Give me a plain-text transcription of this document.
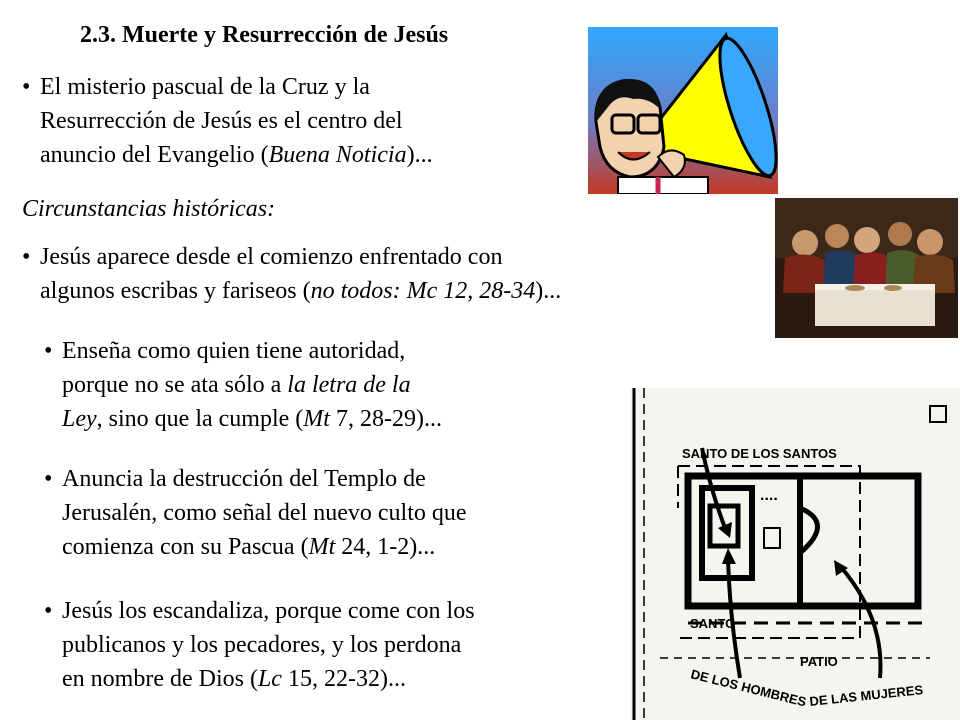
2.3. Muerte y Resurrección de Jesús
• El misterio pascual de la Cruz y la

Resurrección de Jesús es el centro del

anuncio del Evangelio (Buena Noticia)...

Circunstancias históricas:

• Jesús aparece desde el comienzo enfrentado con

algunos escribas y fariseos (no todos: Mc 12, 28-34)...

• Enseña como quien tiene autoridad,

porque no se ata sólo a la letra de la

Ley, sino que la cumple (Mt 7, 28-29)...

• Anuncia la destrucción del Templo de

Jerusalén, como señal del nuevo culto que

comienza con su Pascua (Mt 24, 1-2)...

• Jesús los escandaliza, porque come con los

publicanos y los pecadores, y los perdona

en nombre de Dios (Lc 15, 22-32)...

SANTO DE LOS SANTOS
....
SANTO
PATIO
DE LOS HOMBRES DE LAS MUJERES
